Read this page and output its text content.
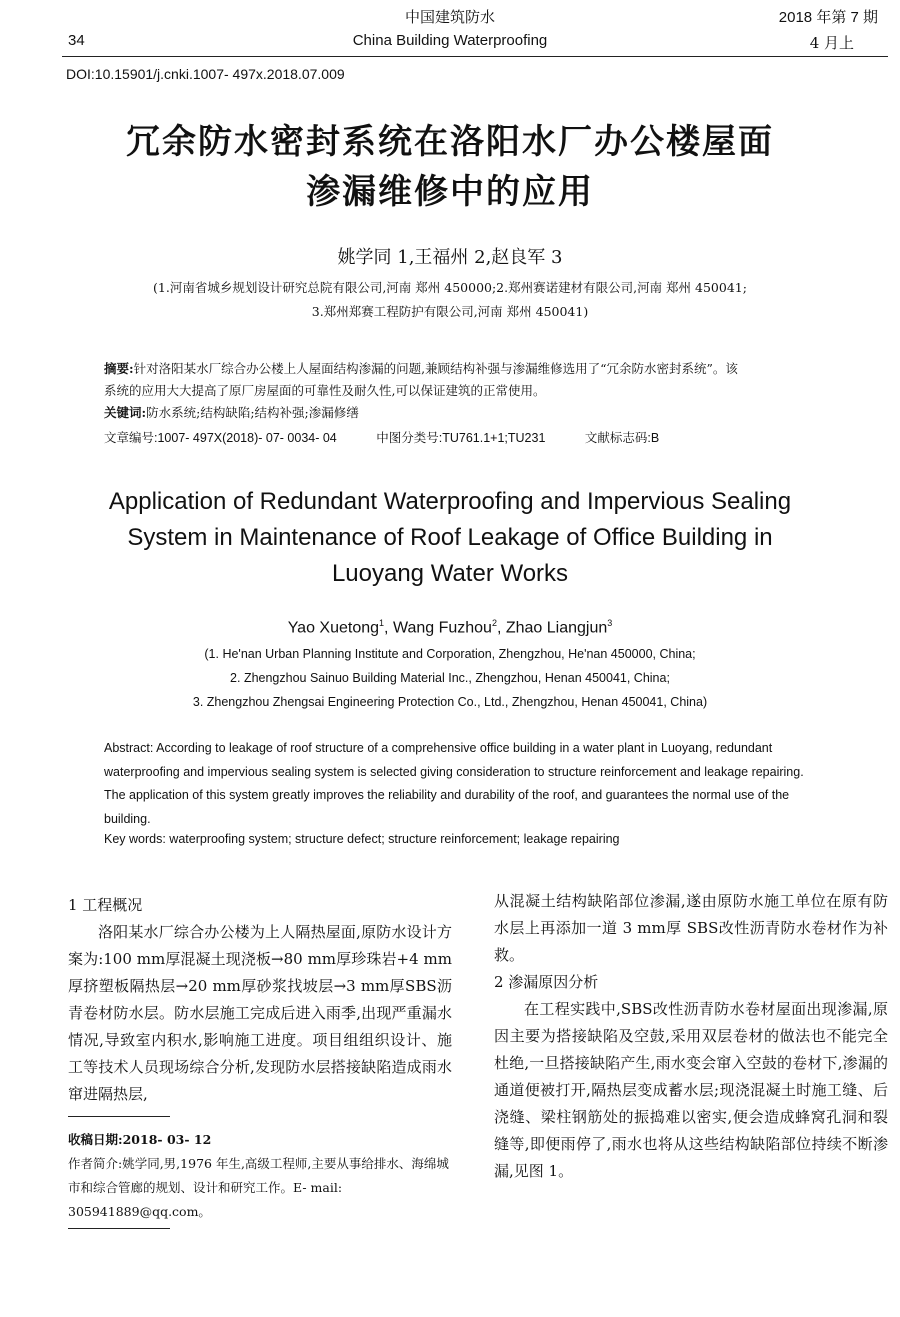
中国建筑防水	2018 年第 7 期
34	China Building Waterproofing	4 月上
DOI:10.15901/j.cnki.1007- 497x.2018.07.009
冗余防水密封系统在洛阳水厂办公楼屋面
渗漏维修中的应用
姚学同 1,王福州 2,赵良军 3
(1.河南省城乡规划设计研究总院有限公司,河南 郑州 450000;2.郑州赛诺建材有限公司,河南 郑州 450041;
3.郑州郑赛工程防护有限公司,河南 郑州 450041)
摘要:针对洛阳某水厂综合办公楼上人屋面结构渗漏的问题,兼顾结构补强与渗漏维修选用了“冗余防水密封系统”。该
系统的应用大大提高了原厂房屋面的可靠性及耐久性,可以保证建筑的正常使用。
关键词:防水系统;结构缺陷;结构补强;渗漏修缮
文章编号:1007- 497X(2018)- 07- 0034- 04	中图分类号:TU761.1+1;TU231	文献标志码:B
Application of Redundant Waterproofing and Impervious Sealing
System in Maintenance of Roof Leakage of Office Building in
Luoyang Water Works
Yao Xuetong$^1$, Wang Fuzhou$^2$, Zhao Liangjun$^3$
(1. He'nan Urban Planning Institute and Corporation, Zhengzhou, He'nan 450000, China;
2. Zhengzhou Sainuo Building Material Inc., Zhengzhou, Henan 450041, China;
3. Zhengzhou Zhengsai Engineering Protection Co., Ltd., Zhengzhou, Henan 450041, China)
Abstract: According to leakage of roof structure of a comprehensive office building in a water plant in Luoyang, redundant
waterproofing and impervious sealing system is selected giving consideration to structure reinforcement and leakage repairing.
The application of this system greatly improves the reliability and durability of the roof, and guarantees the normal use of the
building.
Key words: waterproofing system; structure defect; structure reinforcement; leakage repairing
1 工程概况

洛阳某水厂综合办公楼为上人隔热屋面,原防水设计方案为:100 mm厚混凝土现浇板→80 mm厚珍珠岩+4 mm厚挤塑板隔热层→20 mm厚砂浆找坡层→3 mm厚SBS沥青卷材防水层。防水层施工完成后进入雨季,出现严重漏水情况,导致室内积水,影响施工进度。项目组组织设计、施工等技术人员现场综合分析,发现防水层搭接缺陷造成雨水窜进隔热层,

收稿日期:2018- 03- 12
作者简介:姚学同,男,1976 年生,高级工程师,主要从事给排水、海绵城市和综合管廊的规划、设计和研究工作。E- mail: 305941889@qq.com。

从混凝土结构缺陷部位渗漏,遂由原防水施工单位在原有防水层上再添加一道 3 mm厚 SBS改性沥青防水卷材作为补救。

2 渗漏原因分析

在工程实践中,SBS改性沥青防水卷材屋面出现渗漏,原因主要为搭接缺陷及空鼓,采用双层卷材的做法也不能完全杜绝,一旦搭接缺陷产生,雨水变会窜入空鼓的卷材下,渗漏的通道便被打开,隔热层变成蓄水层;现浇混凝土时施工缝、后浇缝、梁柱钢筋处的振捣难以密实,便会造成蜂窝孔洞和裂缝等,即便雨停了,雨水也将从这些结构缺陷部位持续不断渗漏,见图 1。
